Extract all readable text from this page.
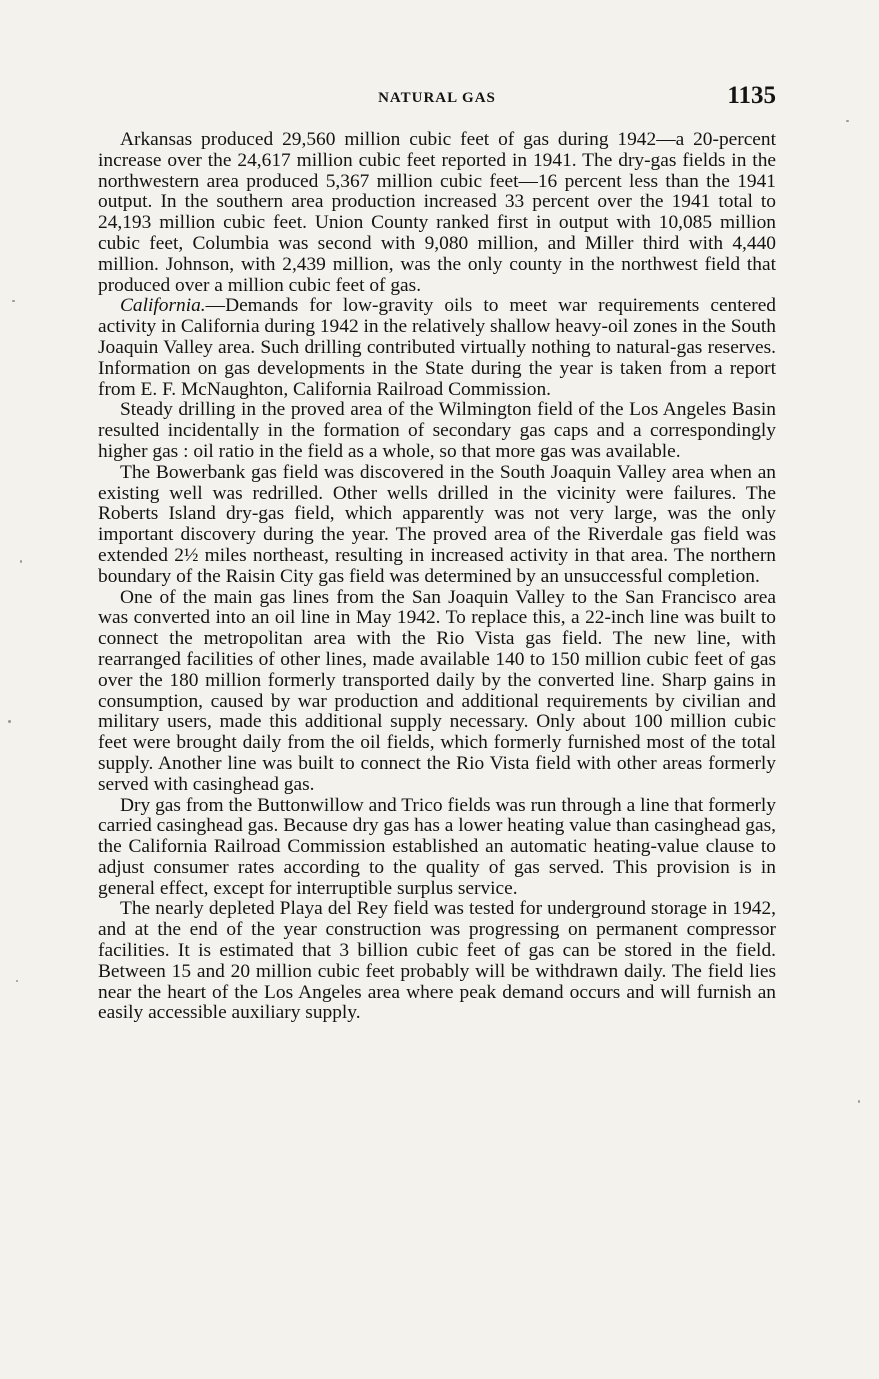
NATURAL GAS	1135

Arkansas produced 29,560 million cubic feet of gas during 1942—a 20-percent increase over the 24,617 million cubic feet reported in 1941. The dry-gas fields in the northwestern area produced 5,367 million cubic feet—16 percent less than the 1941 output. In the southern area production increased 33 percent over the 1941 total to 24,193 million cubic feet. Union County ranked first in output with 10,085 million cubic feet, Columbia was second with 9,080 million, and Miller third with 4,440 million. Johnson, with 2,439 million, was the only county in the northwest field that produced over a million cubic feet of gas.

California.—Demands for low-gravity oils to meet war requirements centered activity in California during 1942 in the relatively shallow heavy-oil zones in the South Joaquin Valley area. Such drilling contributed virtually nothing to natural-gas reserves. Information on gas developments in the State during the year is taken from a report from E. F. McNaughton, California Railroad Commission.

Steady drilling in the proved area of the Wilmington field of the Los Angeles Basin resulted incidentally in the formation of secondary gas caps and a correspondingly higher gas : oil ratio in the field as a whole, so that more gas was available.

The Bowerbank gas field was discovered in the South Joaquin Valley area when an existing well was redrilled. Other wells drilled in the vicinity were failures. The Roberts Island dry-gas field, which apparently was not very large, was the only important discovery during the year. The proved area of the Riverdale gas field was extended 2½ miles northeast, resulting in increased activity in that area. The northern boundary of the Raisin City gas field was determined by an unsuccessful completion.

One of the main gas lines from the San Joaquin Valley to the San Francisco area was converted into an oil line in May 1942. To replace this, a 22-inch line was built to connect the metropolitan area with the Rio Vista gas field. The new line, with rearranged facilities of other lines, made available 140 to 150 million cubic feet of gas over the 180 million formerly transported daily by the converted line. Sharp gains in consumption, caused by war production and additional requirements by civilian and military users, made this additional supply necessary. Only about 100 million cubic feet were brought daily from the oil fields, which formerly furnished most of the total supply. Another line was built to connect the Rio Vista field with other areas formerly served with casinghead gas.

Dry gas from the Buttonwillow and Trico fields was run through a line that formerly carried casinghead gas. Because dry gas has a lower heating value than casinghead gas, the California Railroad Commission established an automatic heating-value clause to adjust consumer rates according to the quality of gas served. This provision is in general effect, except for interruptible surplus service.

The nearly depleted Playa del Rey field was tested for underground storage in 1942, and at the end of the year construction was progressing on permanent compressor facilities. It is estimated that 3 billion cubic feet of gas can be stored in the field. Between 15 and 20 million cubic feet probably will be withdrawn daily. The field lies near the heart of the Los Angeles area where peak demand occurs and will furnish an easily accessible auxiliary supply.
